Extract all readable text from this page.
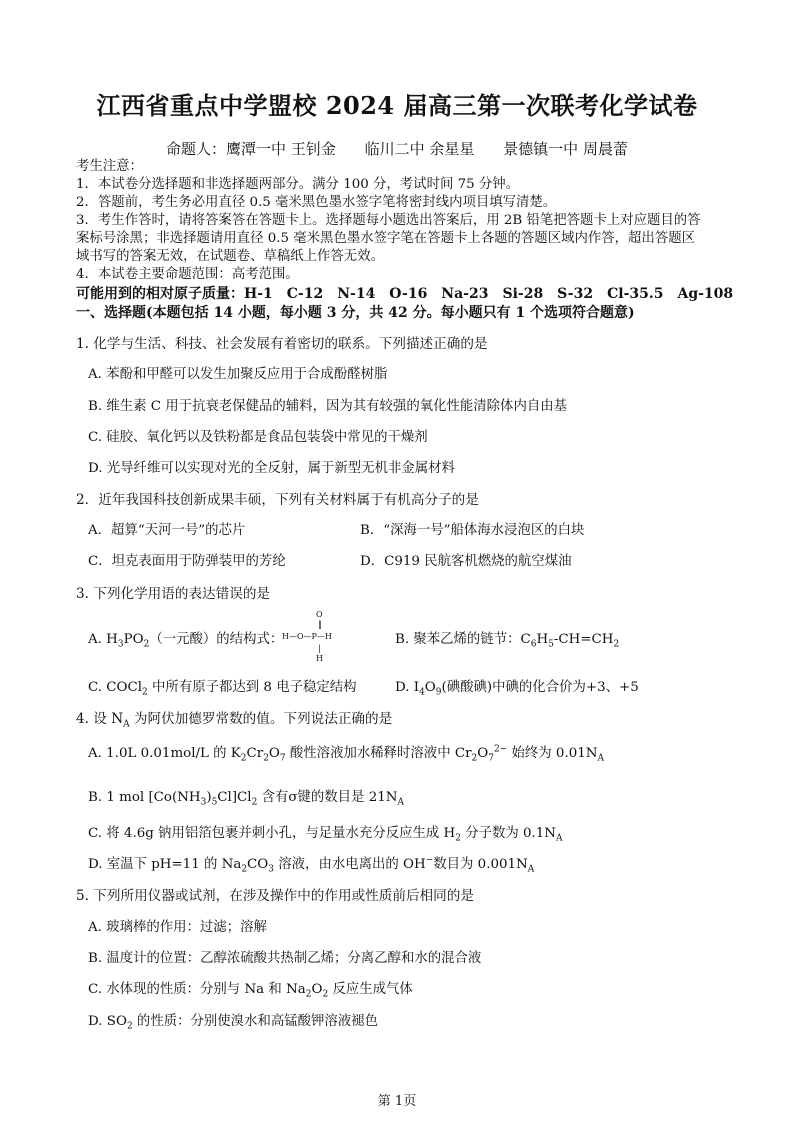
江西省重点中学盟校 2024 届高三第一次联考化学试卷
命题人：鹰潭一中 王钊金 临川二中 余星星 景德镇一中 周晨蕾
考生注意：
1．本试卷分选择题和非选择题两部分。满分 100 分，考试时间 75 分钟。
2．答题前，考生务必用直径 0.5 毫米黑色墨水签字笔将密封线内项目填写清楚。
3．考生作答时，请将答案答在答题卡上。选择题每小题选出答案后，用 2B 铅笔把答题卡上对应题目的答
案标号涂黑；非选择题请用直径 0.5 毫米黑色墨水签字笔在答题卡上各题的答题区域内作答，超出答题区
域书写的答案无效，在试题卷、草稿纸上作答无效。
4．本试卷主要命题范围：高考范围。
可能用到的相对原子质量：H-1　C-12　N-14　O-16　Na-23　Si-28　S-32　Cl-35.5　Ag-108
一、选择题(本题包括 14 小题，每小题 3 分，共 42 分。每小题只有 1 个选项符合题意)
1. 化学与生活、科技、社会发展有着密切的联系。下列描述正确的是
A. 苯酚和甲醛可以发生加聚反应用于合成酚醛树脂
B. 维生素 C 用于抗衰老保健品的辅料，因为其有较强的氧化性能清除体内自由基
C. 硅胶、氧化钙以及铁粉都是食品包装袋中常见的干燥剂
D. 光导纤维可以实现对光的全反射，属于新型无机非金属材料
2．近年我国科技创新成果丰硕，下列有关材料属于有机高分子的是
A．超算“天河一号”的芯片	B．“深海一号”船体海水浸泡区的白块
C．坦克表面用于防弹装甲的芳纶	D．C919 民航客机燃烧的航空煤油
3. 下列化学用语的表达错误的是
A. $H_3PO_2$（一元酸）的结构式：
O
‖
H—O—P—H
|
H
B. 聚苯乙烯的链节：$C_6H_5-CH=CH_2$
C. COCl$_2$ 中所有原子都达到 8 电子稳定结构	D. $I_4O_9$(碘酸碘)中碘的化合价为+3、+5
4. 设 $N_A$ 为阿伏加德罗常数的值。下列说法正确的是
A. 1.0L 0.01mol/L 的 $K_2Cr_2O_7$ 酸性溶液加水稀释时溶液中 $Cr_2O_7^{2-}$ 始终为 $0.01N_A$
B. 1 mol $[Co(NH_3)_5Cl]Cl_2$ 含有σ键的数目是 $21N_A$
C. 将 4.6g 钠用铝箔包裹并刺小孔，与足量水充分反应生成 $H_2$ 分子数为 $0.1N_A$
D. 室温下 pH=11 的 $Na_2CO_3$ 溶液，由水电离出的 OH−数目为 $0.001N_A$
5. 下列所用仪器或试剂，在涉及操作中的作用或性质前后相同的是
A. 玻璃棒的作用：过滤；溶解
B. 温度计的位置：乙醇浓硫酸共热制乙烯；分离乙醇和水的混合液
C. 水体现的性质：分别与 Na 和 $Na_2O_2$ 反应生成气体
D. $SO_2$ 的性质：分别使溴水和高锰酸钾溶液褪色
第 1页
